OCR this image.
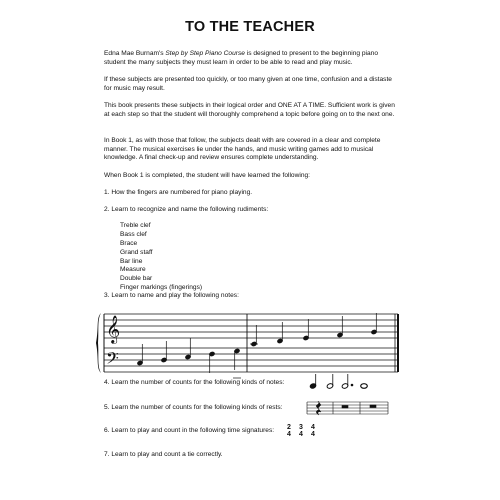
TO THE TEACHER
Edna Mae Burnam's Step by Step Piano Course is designed to present to the beginning piano student the many subjects they must learn in order to be able to read and play music.
If these subjects are presented too quickly, or too many given at one time, confusion and a distaste for music may result.
This book presents these subjects in their logical order and ONE AT A TIME. Sufficient work is given at each step so that the student will thoroughly comprehend a topic before going on to the next one.
In Book 1, as with those that follow, the subjects dealt with are covered in a clear and complete manner. The musical exercises lie under the hands, and music writing games add to musical knowledge. A final check-up and review ensures complete understanding.
When Book 1 is completed, the student will have learned the following:
1. How the fingers are numbered for piano playing.
2. Learn to recognize and name the following rudiments:
Treble clef
Bass clef
Brace
Grand staff
Bar line
Measure
Double bar
Finger markings (fingerings)
3. Learn to name and play the following notes:
𝄞
𝄢
2
4
3
4
4
4
4. Learn the number of counts for the following kinds of notes:
5. Learn the number of counts for the following kinds of rests:
6. Learn to play and count in the following time signatures:
7. Learn to play and count a tie correctly.
